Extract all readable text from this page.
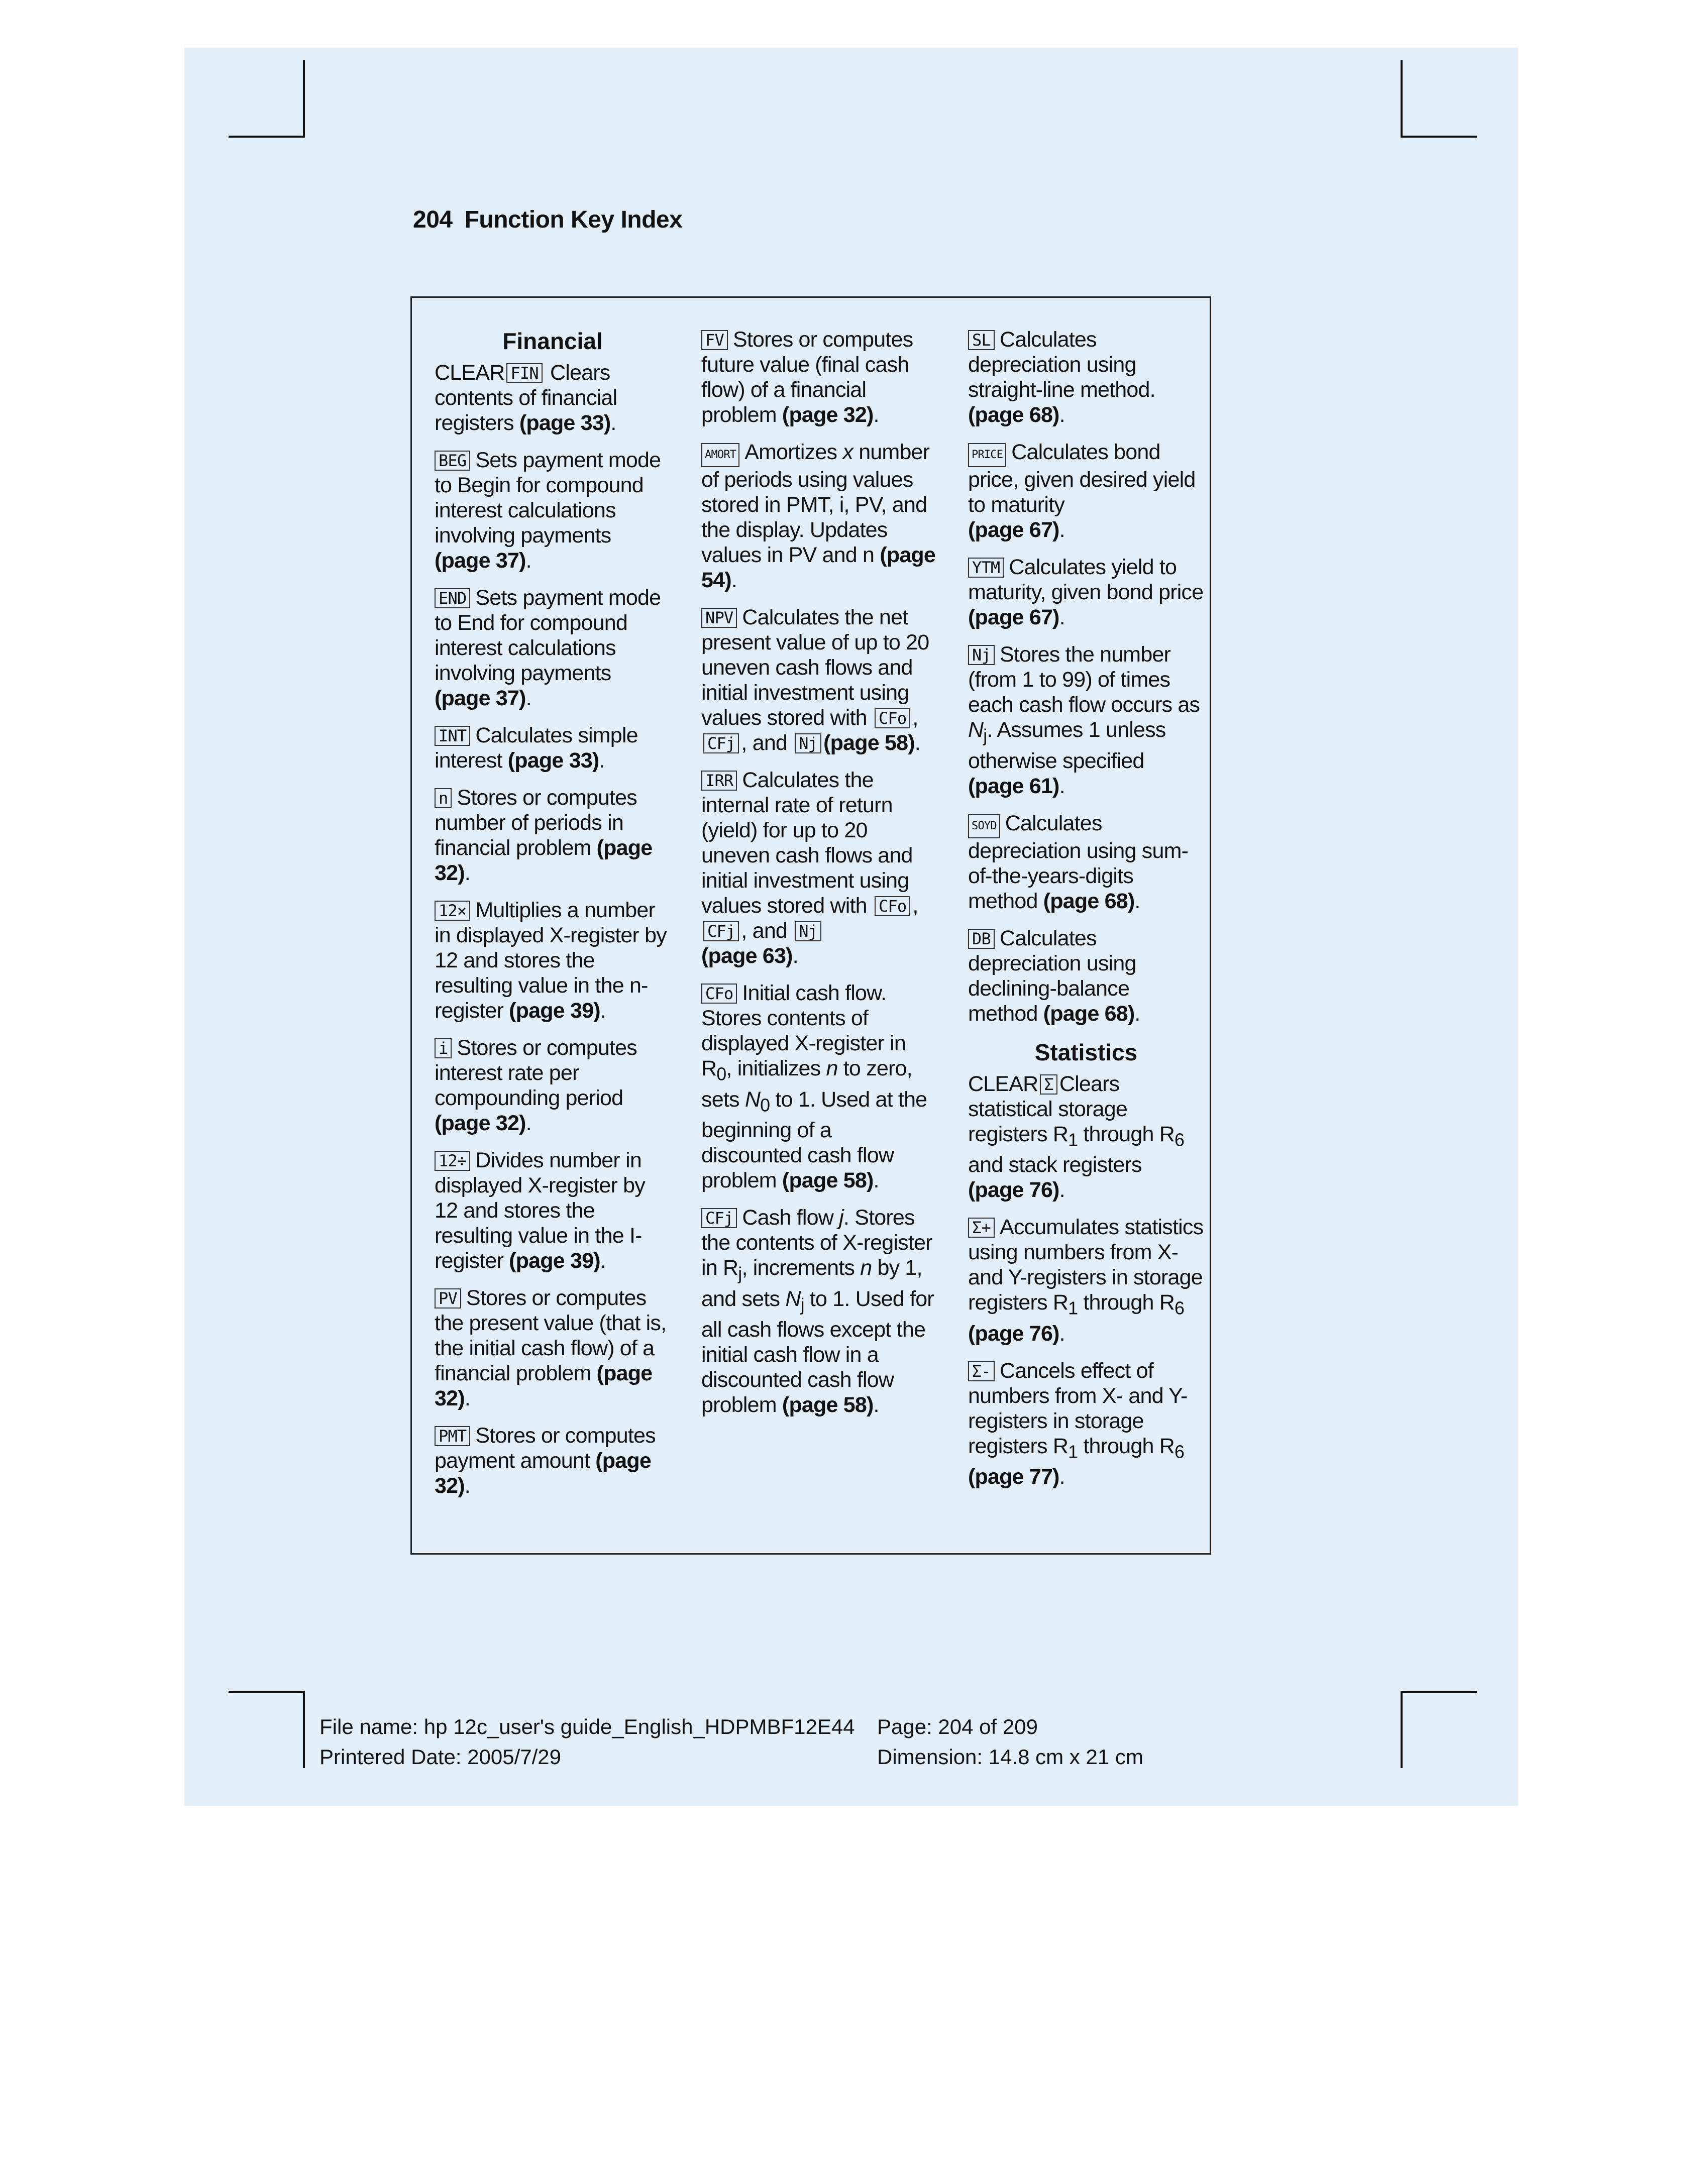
204 Function Key Index
Financial
CLEAR FIN Clears contents of financial registers (page 33).
BEG Sets payment mode to Begin for compound interest calculations involving payments (page 37).
END Sets payment mode to End for compound interest calculations involving payments (page 37).
INT Calculates simple interest (page 33).
n Stores or computes number of periods in financial problem (page 32).
12× Multiplies a number in displayed X-register by 12 and stores the resulting value in the n-register (page 39).
i Stores or computes interest rate per compounding period (page 32).
12÷ Divides number in displayed X-register by 12 and stores the resulting value in the I-register (page 39).
PV Stores or computes the present value (that is, the initial cash flow) of a financial problem (page 32).
PMT Stores or computes payment amount (page 32).
FV Stores or computes future value (final cash flow) of a financial problem (page 32).
AMORT Amortizes x number of periods using values stored in PMT, i, PV, and the display. Updates values in PV and n (page 54).
NPV Calculates the net present value of up to 20 uneven cash flows and initial investment using values stored with CFo ,CFj , and Nj (page 58).
IRR Calculates the internal rate of return (yield) for up to 20 uneven cash flows and initial investment using values stored with CFo , CFj , and Nj
(page 63).
CFo Initial cash flow. Stores contents of displayed X-register in $R_0$, initializes n to zero, sets $N_0$ to 1. Used at the beginning of a discounted cash flow problem (page 58).
CFj Cash flow j. Stores the contents of X-register in $R_j$, increments n by 1, and sets $N_j$ to 1. Used for all cash flows except the initial cash flow in a discounted cash flow problem (page 58).
SL Calculates depreciation using straight-line method.
(page 68).
PRICE Calculates bond price, given desired yield to maturity
(page 67).
YTM Calculates yield to maturity, given bond price (page 67).
Nj Stores the number (from 1 to 99) of times each cash flow occurs as $N_j$. Assumes 1 unless otherwise specified (page 61).
SOYD Calculates depreciation using sum-of-the-years-digits method (page 68).
DB Calculates depreciation using declining-balance method (page 68).
Statistics
CLEAR Σ Clears statistical storage registers $R_1$ through $R_6$ and stack registers
(page 76).
Σ+ Accumulates statistics using numbers from X- and Y-registers in storage registers $R_1$ through $R_6$ (page 76).
Σ- Cancels effect of numbers from X- and Y-registers in storage registers $R_1$ through $R_6$
(page 77).
File name: hp 12c_user's guide_English_HDPMBF12E44
Printered Date: 2005/7/29
Page: 204 of 209
Dimension: 14.8 cm x 21 cm
